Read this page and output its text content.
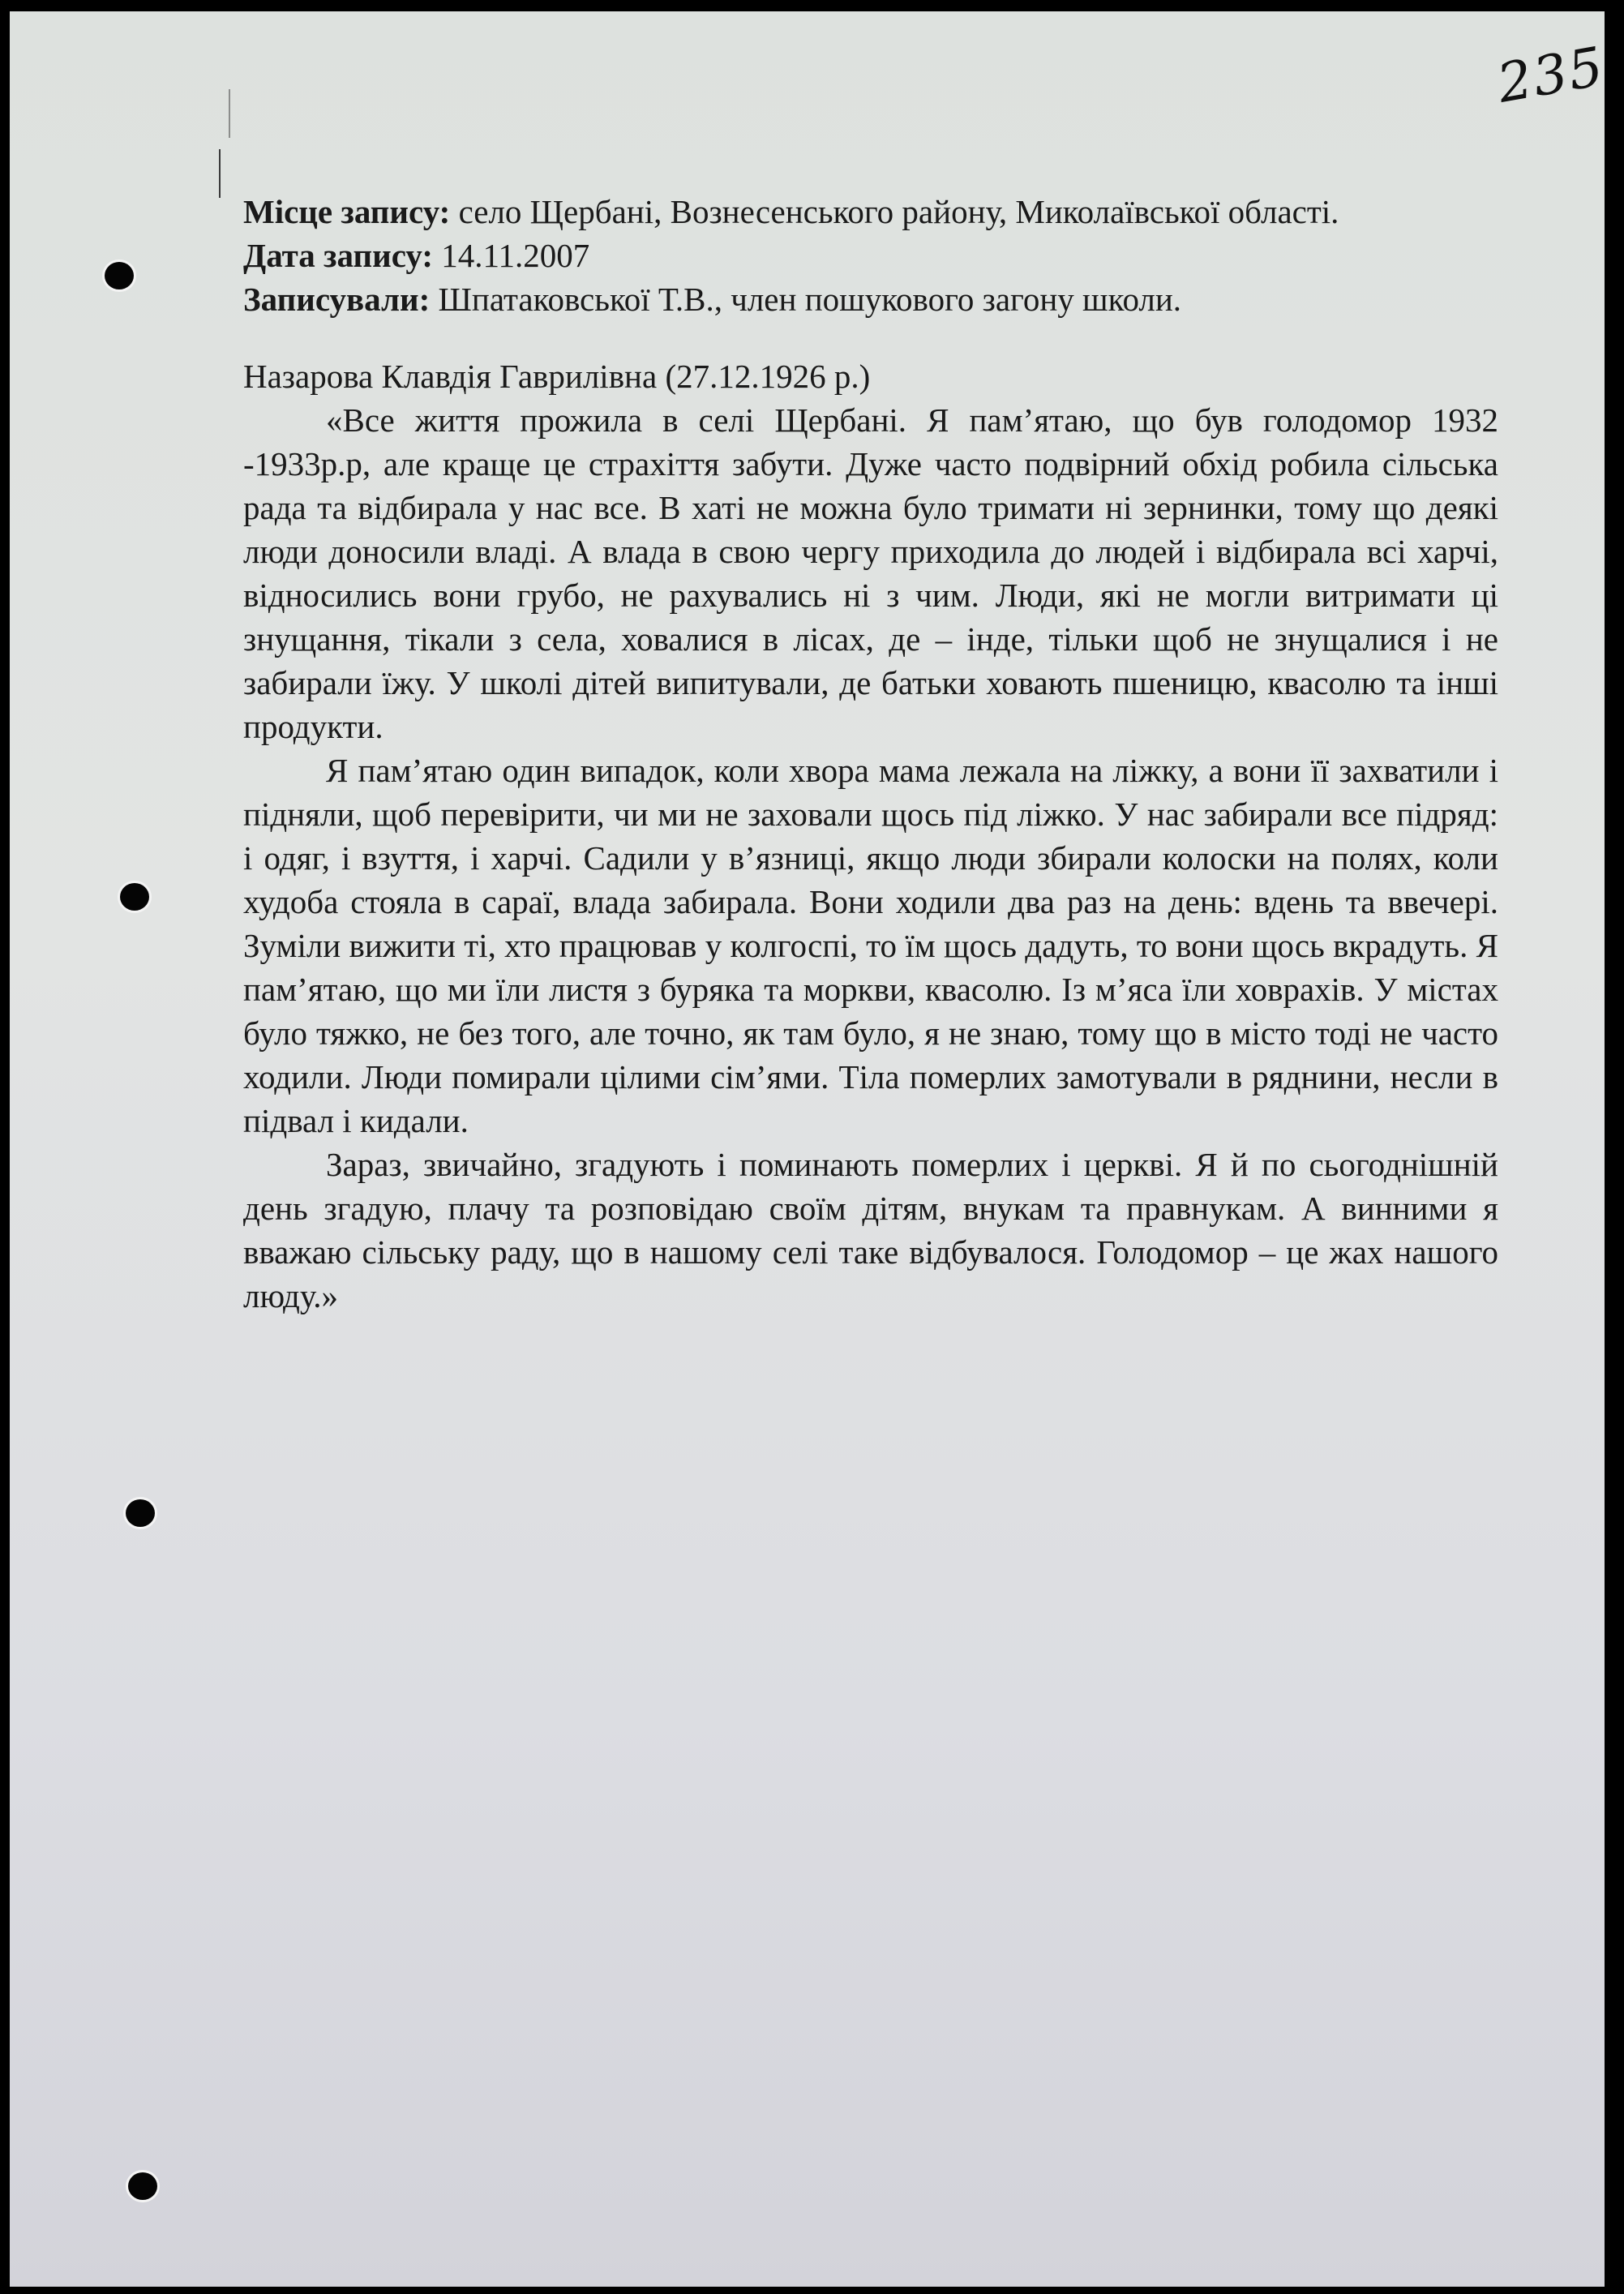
235
Місце запису: село Щербані, Вознесенського району, Миколаївської області.
Дата запису: 14.11.2007
Записували: Шпатаковської Т.В., член пошукового загону школи.
Назарова Клавдія Гаврилівна (27.12.1926 р.)

«Все життя прожила в селі Щербані. Я пам’ятаю, що був голодомор 1932 -1933р.р, але краще це страхіття забути. Дуже часто подвірний обхід робила сільська рада та відбирала у нас все. В хаті не можна було тримати ні зернинки, тому що деякі люди доносили владі. А влада в свою чергу приходила до людей і відбирала всі харчі, відносились вони грубо, не рахувались ні з чим. Люди, які не могли витримати ці знущання, тікали з села, ховалися в лісах, де – інде, тільки щоб не знущалися і не забирали їжу. У школі дітей випитували, де батьки ховають пшеницю, квасолю та інші продукти.

Я пам’ятаю один випадок, коли хвора мама лежала на ліжку, а вони її захватили і підняли, щоб перевірити, чи ми не заховали щось під ліжко. У нас забирали все підряд: і одяг, і взуття, і харчі. Садили у в’язниці, якщо люди збирали колоски на полях, коли худоба стояла в сараї, влада забирала. Вони ходили два раз на день: вдень та ввечері. Зуміли вижити ті, хто працював у колгоспі, то їм щось дадуть, то вони щось вкрадуть. Я пам’ятаю, що ми їли листя з буряка та моркви, квасолю. Із м’яса їли ховрахів. У містах було тяжко, не без того, але точно, як там було, я не знаю, тому що в місто тоді не часто ходили. Люди помирали цілими сім’ями. Тіла померлих замотували в ряднини, несли в підвал і кидали.

Зараз, звичайно, згадують і поминають померлих і церкві. Я й по сьогоднішній день згадую, плачу та розповідаю своїм дітям, внукам та правнукам. А винними я вважаю сільську раду, що в нашому селі таке відбувалося. Голодомор – це жах нашого люду.»
